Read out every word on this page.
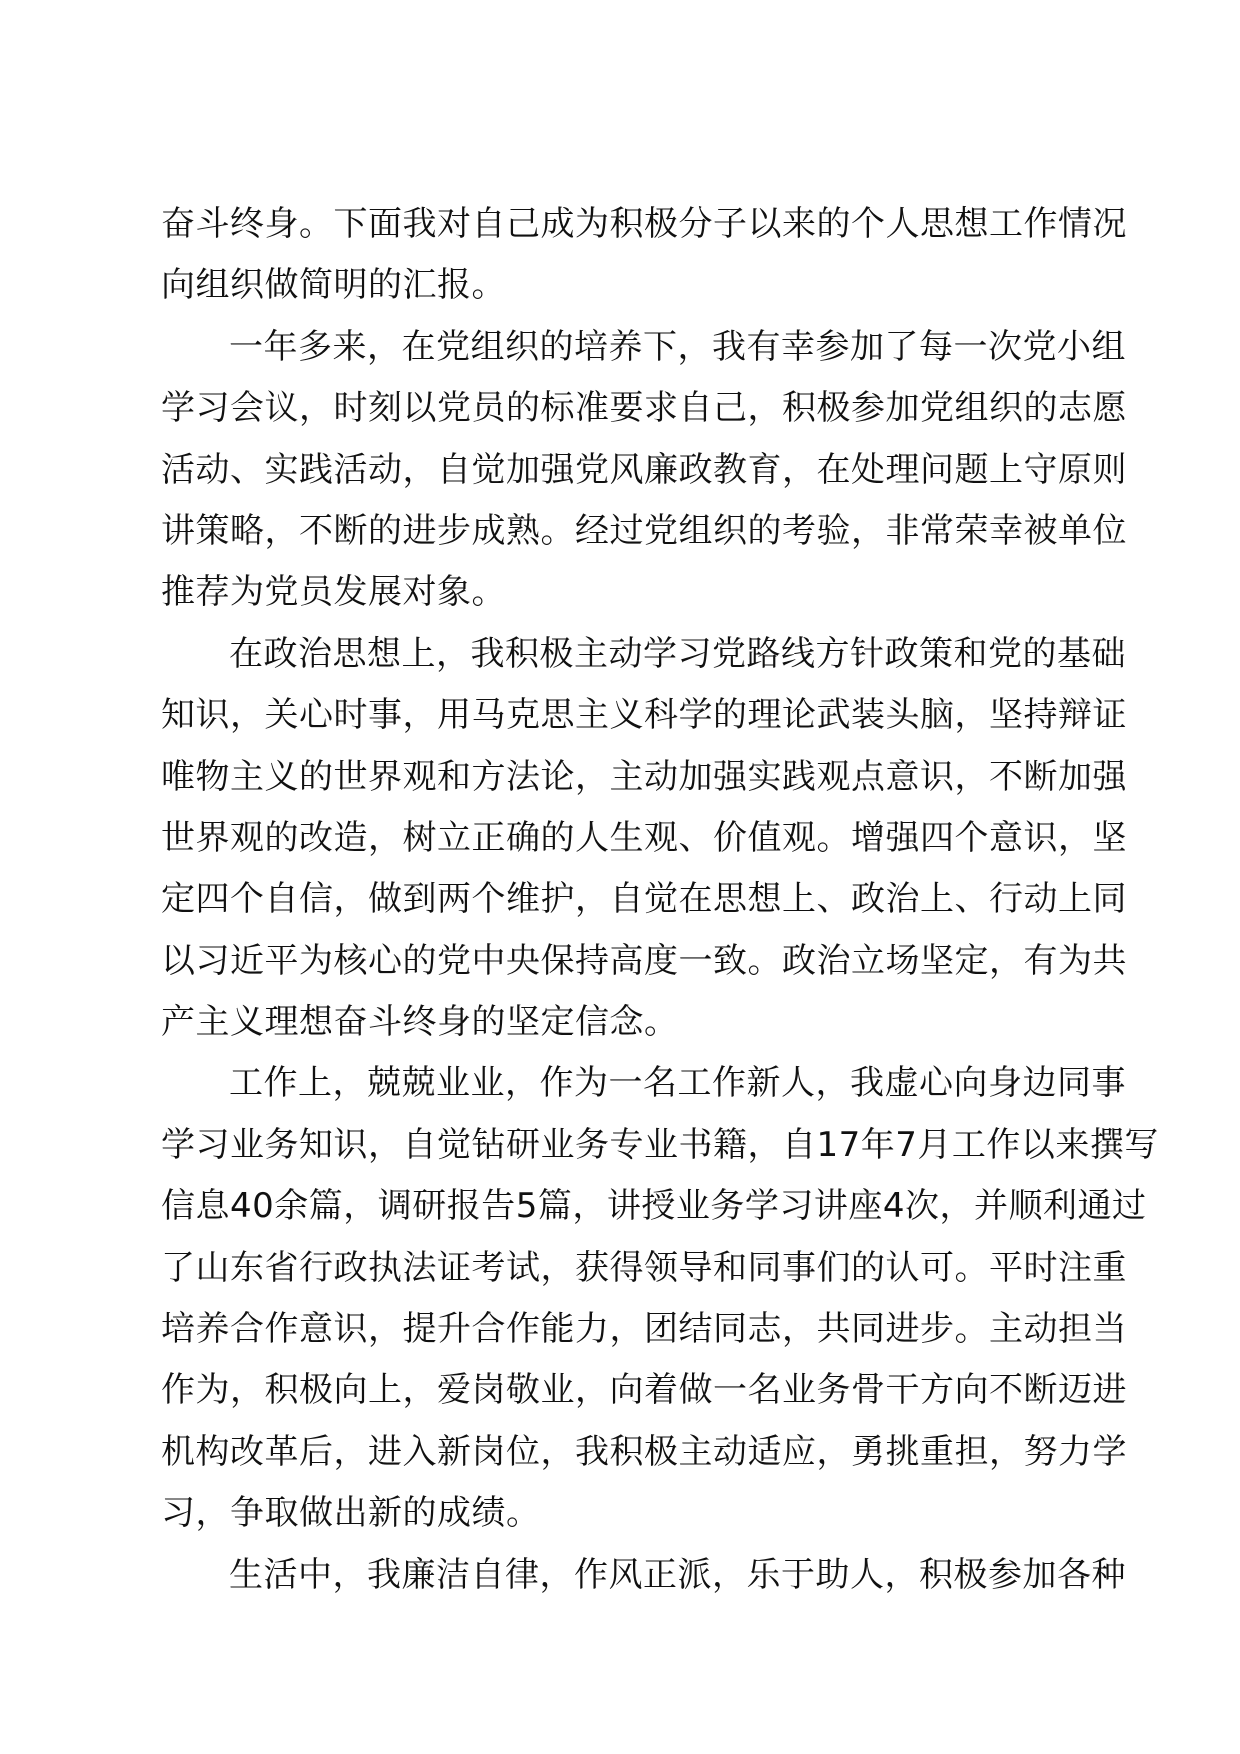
奋斗终身。下面我对自己成为积极分子以来的个人思想工作情况
向组织做简明的汇报。
一年多来，在党组织的培养下，我有幸参加了每一次党小组
学习会议，时刻以党员的标准要求自己，积极参加党组织的志愿
活动、实践活动，自觉加强党风廉政教育，在处理问题上守原则
讲策略，不断的进步成熟。经过党组织的考验，非常荣幸被单位
推荐为党员发展对象。
在政治思想上，我积极主动学习党路线方针政策和党的基础
知识，关心时事，用马克思主义科学的理论武装头脑，坚持辩证
唯物主义的世界观和方法论，主动加强实践观点意识，不断加强
世界观的改造，树立正确的人生观、价值观。增强四个意识，坚
定四个自信，做到两个维护，自觉在思想上、政治上、行动上同
以习近平为核心的党中央保持高度一致。政治立场坚定，有为共
产主义理想奋斗终身的坚定信念。
工作上，兢兢业业，作为一名工作新人，我虚心向身边同事
学习业务知识，自觉钻研业务专业书籍，自17年7月工作以来撰写
信息40余篇，调研报告5篇，讲授业务学习讲座4次，并顺利通过
了山东省行政执法证考试，获得领导和同事们的认可。平时注重
培养合作意识，提升合作能力，团结同志，共同进步。主动担当
作为，积极向上，爱岗敬业，向着做一名业务骨干方向不断迈进
机构改革后，进入新岗位，我积极主动适应，勇挑重担，努力学
习，争取做出新的成绩。
生活中，我廉洁自律，作风正派，乐于助人，积极参加各种
